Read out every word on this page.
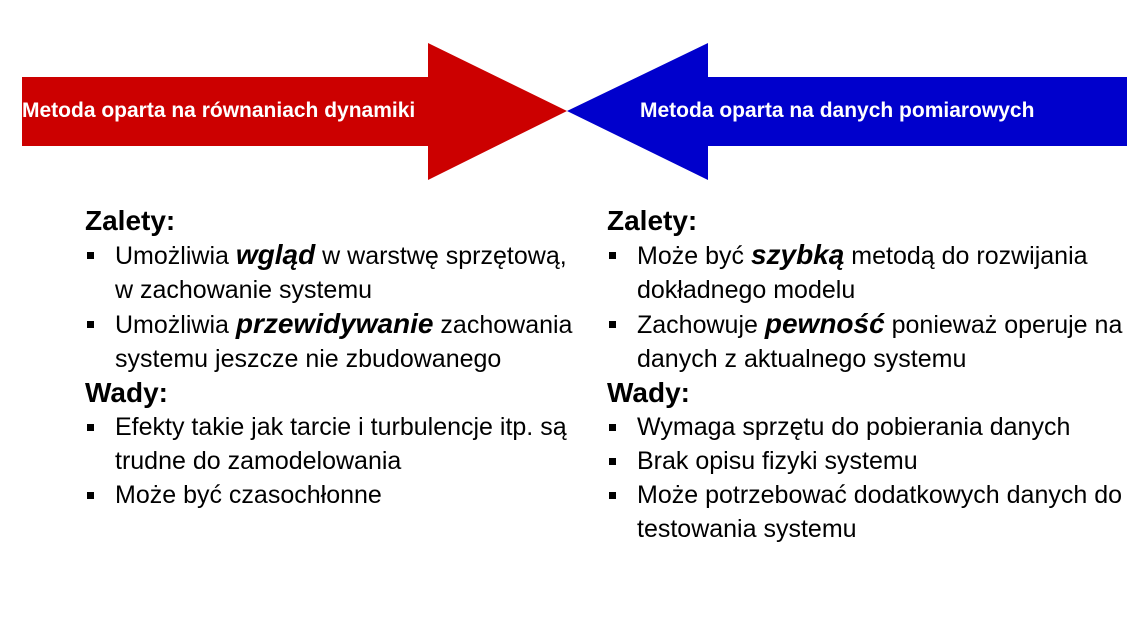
Metoda oparta na równaniach dynamiki	Metoda oparta na danych pomiarowych
Zalety:
Umożliwia wgląd w warstwę sprzętową, w zachowanie systemu
Umożliwia przewidywanie zachowania systemu jeszcze nie zbudowanego
Wady:
Efekty takie jak tarcie i turbulencje itp. są trudne do zamodelowania
Może być czasochłonne
Zalety:
Może być szybką metodą do rozwijania dokładnego modelu
Zachowuje pewność ponieważ operuje na danych z aktualnego systemu
Wady:
Wymaga sprzętu do pobierania danych
Brak opisu fizyki systemu
Może potrzebować dodatkowych danych do testowania systemu
